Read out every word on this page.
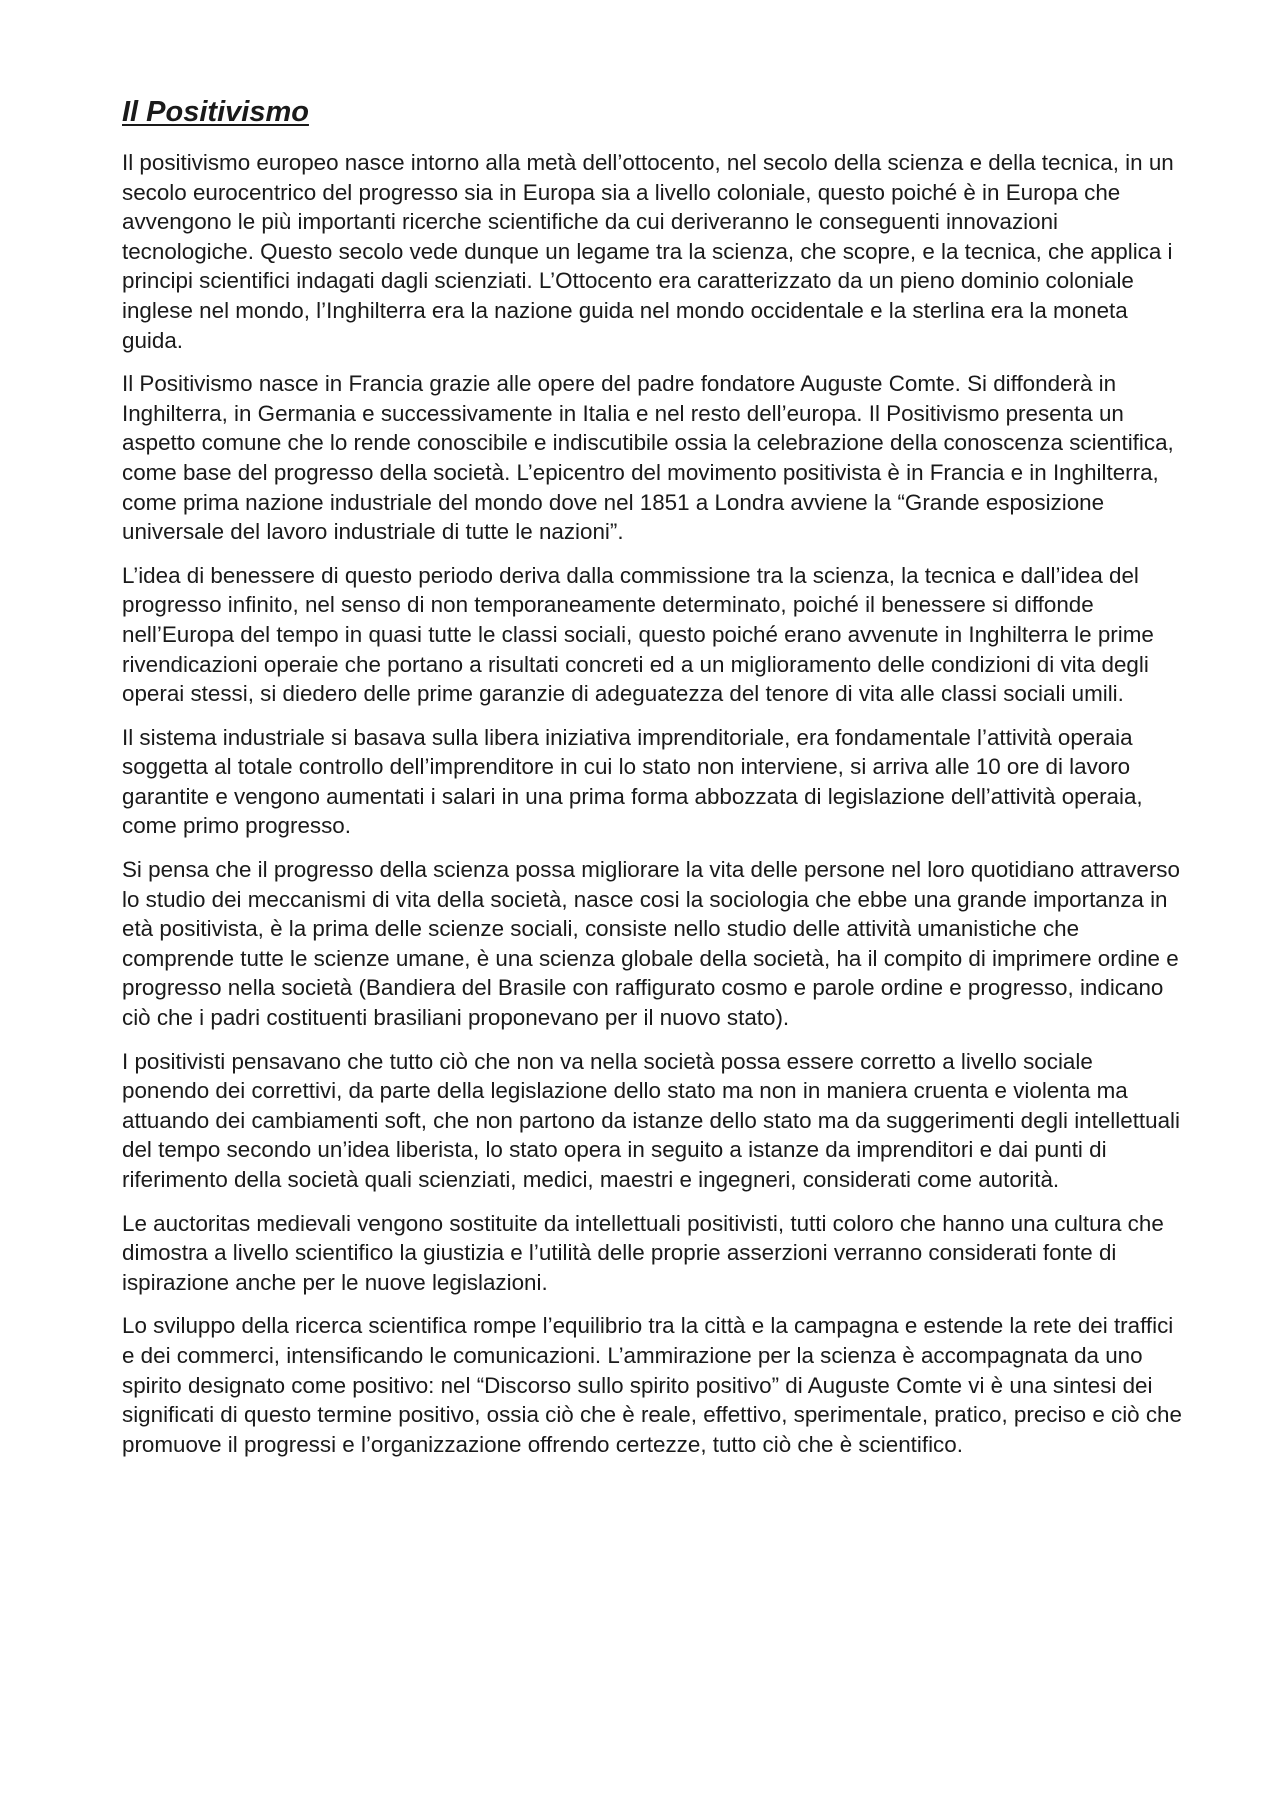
Il Positivismo

Il positivismo europeo nasce intorno alla metà dell’ottocento, nel secolo della scienza e della tecnica, in un secolo eurocentrico del progresso sia in Europa sia a livello coloniale, questo poiché è in Europa che avvengono le più importanti ricerche scientifiche da cui deriveranno le conseguenti innovazioni tecnologiche. Questo secolo vede dunque un legame tra la scienza, che scopre, e la tecnica, che applica i principi scientifici indagati dagli scienziati. L’Ottocento era caratterizzato da un pieno dominio coloniale inglese nel mondo, l’Inghilterra era la nazione guida nel mondo occidentale e la sterlina era la moneta guida.

Il Positivismo nasce in Francia grazie alle opere del padre fondatore Auguste Comte. Si diffonderà in Inghilterra, in Germania e successivamente in Italia e nel resto dell’europa. Il Positivismo presenta un aspetto comune che lo rende conoscibile e indiscutibile ossia la celebrazione della conoscenza scientifica, come base del progresso della società. L’epicentro del movimento positivista è in Francia e in Inghilterra, come prima nazione industriale del mondo dove nel 1851 a Londra avviene la “Grande esposizione universale del lavoro industriale di tutte le nazioni”.

L’idea di benessere di questo periodo deriva dalla commissione tra la scienza, la tecnica e dall’idea del progresso infinito, nel senso di non temporaneamente determinato, poiché il benessere si diffonde nell’Europa del tempo in quasi tutte le classi sociali, questo poiché erano avvenute in Inghilterra le prime rivendicazioni operaie che portano a risultati concreti ed a un miglioramento delle condizioni di vita degli operai stessi, si diedero delle prime garanzie di adeguatezza del tenore di vita alle classi sociali umili.

Il sistema industriale si basava sulla libera iniziativa imprenditoriale, era fondamentale l’attività operaia soggetta al totale controllo dell’imprenditore in cui lo stato non interviene, si arriva alle 10 ore di lavoro garantite e vengono aumentati i salari in una prima forma abbozzata di legislazione dell’attività operaia, come primo progresso.

Si pensa che il progresso della scienza possa migliorare la vita delle persone nel loro quotidiano attraverso lo studio dei meccanismi di vita della società, nasce cosi la sociologia che ebbe una grande importanza in età positivista, è la prima delle scienze sociali, consiste nello studio delle attività umanistiche che comprende tutte le scienze umane, è una scienza globale della società, ha il compito di imprimere ordine e progresso nella società (Bandiera del Brasile con raffigurato cosmo e parole ordine e progresso, indicano ciò che i padri costituenti brasiliani proponevano per il nuovo stato).

I positivisti pensavano che tutto ciò che non va nella società possa essere corretto a livello sociale ponendo dei correttivi, da parte della legislazione dello stato ma non in maniera cruenta e violenta ma attuando dei cambiamenti soft, che non partono da istanze dello stato ma da suggerimenti degli intellettuali del tempo secondo un’idea liberista, lo stato opera in seguito a istanze da imprenditori e dai punti di riferimento della società quali scienziati, medici, maestri e ingegneri, considerati come autorità.

Le auctoritas medievali vengono sostituite da intellettuali positivisti, tutti coloro che hanno una cultura che dimostra a livello scientifico la giustizia e l’utilità delle proprie asserzioni verranno considerati fonte di ispirazione anche per le nuove legislazioni.

Lo sviluppo della ricerca scientifica rompe l’equilibrio tra la città e la campagna e estende la rete dei traffici e dei commerci, intensificando le comunicazioni. L’ammirazione per la scienza è accompagnata da uno spirito designato come positivo: nel “Discorso sullo spirito positivo” di Auguste Comte vi è una sintesi dei significati di questo termine positivo, ossia ciò che è reale, effettivo, sperimentale, pratico, preciso e ciò che promuove il progressi e l’organizzazione offrendo certezze, tutto ciò che è scientifico.
